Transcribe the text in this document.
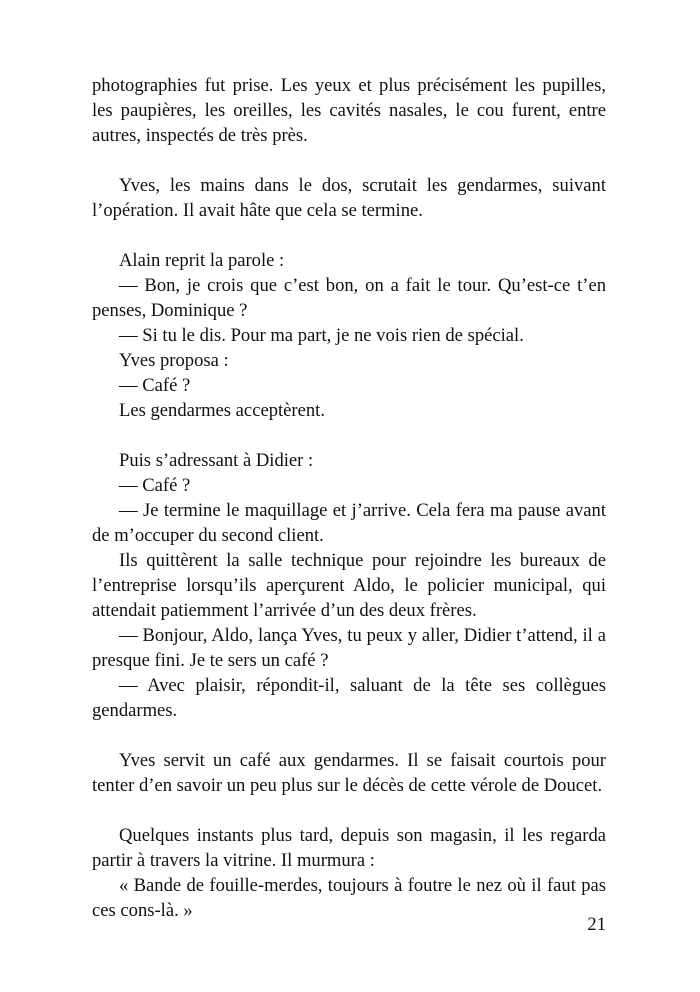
photographies fut prise. Les yeux et plus précisément les pupilles, les paupières, les oreilles, les cavités nasales, le cou furent, entre autres, inspectés de très près.

Yves, les mains dans le dos, scrutait les gendarmes, suivant l’opération. Il avait hâte que cela se termine.

Alain reprit la parole :

— Bon, je crois que c’est bon, on a fait le tour. Qu’est-ce t’en penses, Dominique ?

— Si tu le dis. Pour ma part, je ne vois rien de spécial.

Yves proposa :

— Café ?

Les gendarmes acceptèrent.

Puis s’adressant à Didier :

— Café ?

— Je termine le maquillage et j’arrive. Cela fera ma pause avant de m’occuper du second client.

Ils quittèrent la salle technique pour rejoindre les bureaux de l’entreprise lorsqu’ils aperçurent Aldo, le policier municipal, qui attendait patiemment l’arrivée d’un des deux frères.

— Bonjour, Aldo, lança Yves, tu peux y aller, Didier t’attend, il a presque fini. Je te sers un café ?

— Avec plaisir, répondit-il, saluant de la tête ses collègues gendarmes.

Yves servit un café aux gendarmes. Il se faisait courtois pour tenter d’en savoir un peu plus sur le décès de cette vérole de Doucet.

Quelques instants plus tard, depuis son magasin, il les regarda partir à travers la vitrine. Il murmura :

« Bande de fouille-merdes, toujours à foutre le nez où il faut pas ces cons-là. »

21
